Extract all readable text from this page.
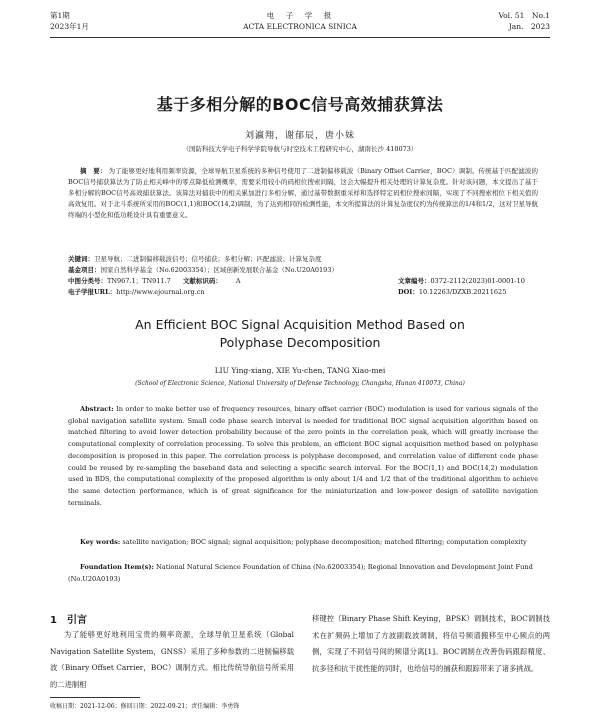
第1期
2023年1月
电　子　学　报
ACTA ELECTRONICA SINICA
Vol. 51　No.1
Jan.　2023
基于多相分解的BOC信号高效捕获算法
刘瀛翔，谢郁辰，唐小妹
（国防科技大学电子科学学院导航与时空技术工程研究中心，湖南长沙 410073）
摘　要： 为了能够更好地利用频率资源，全球导航卫星系统的多种信号使用了二进制偏移载波（Binary Offset Carrier，BOC）调制。传统基于匹配滤波的BOC信号捕获算法为了防止相关峰中的零点降低检测概率，需要采用较小的码相位搜索间隔，这会大幅提升相关处理的计算复杂度。针对该问题，本文提出了基于多相分解的BOC信号高效捕获算法。该算法对捕获中的相关累加进行多相分解，通过基带数据重采样和选择特定码相位搜索间隔，实现了不同搜索相位下相关值的高效复用。对于北斗系统所采用的BOC(1,1)和BOC(14,2)调制，为了达到相同的检测性能，本文所提算法的计算复杂度仅约为传统算法的1/4和1/2，这对卫星导航终端的小型化和低功耗设计具有重要意义。
关键词：卫星导航；二进制偏移载波信号；信号捕获；多相分解；匹配滤波；计算复杂度
基金项目：国家自然科学基金（No.62003354）；区域创新发展联合基金（No.U20A0193）
中图分类号：TN967.1；TN911.7 文献标识码： A	文章编号：0372-2112(2023)01-0001-10
电子学报URL：http://www.ejournal.org.cn	DOI：10.12263/DZXB.20211625
An Efficient BOC Signal Acquisition Method Based on
Polyphase Decomposition
LIU Ying-xiang, XIE Yu-chen, TANG Xiao-mei
(School of Electronic Science, National University of Defense Technology, Changsha, Hunan 410073, China)
Abstract: In order to make better use of frequency resources, binary offset carrier (BOC) modulation is used for various signals of the global navigation satellite system. Small code phase search interval is needed for traditional BOC signal acquisition algorithm based on matched filtering to avoid lower detection probability because of the zero points in the correlation peak, which will greatly increase the computational complexity of correlation processing. To solve this problem, an efficient BOC signal acquisition method based on polyphase decomposition is proposed in this paper. The correlation process is polyphase decomposed, and correlation value of different code phase could be reused by re-sampling the baseband data and selecting a specific search interval. For the BOC(1,1) and BOC(14,2) modulation used in BDS, the computational complexity of the proposed algorithm is only about 1/4 and 1/2 that of the traditional algorithm to achieve the same detection performance, which is of great significance for the miniaturization and low-power design of satellite navigation terminals.
Key words: satellite navigation; BOC signal; signal acquisition; polyphase decomposition; matched filtering; computation complexity
Foundation Item(s): National Natural Science Foundation of China (No.62003354); Regional Innovation and Development Joint Fund (No.U20A0193)
1 引言
为了能够更好地利用宝贵的频率资源，全球导航卫星系统（Global Navigation Satellite System，GNSS）采用了多种参数的二进制偏移载波（Binary Offset Carrier，BOC）调制方式。相比传统导航信号所采用的二进制相
移键控（Binary Phase Shift Keying，BPSK）调制技术，BOC调制技术在扩频码上增加了方波副载波调制，将信号频谱搬移至中心频点的两侧，实现了不同信号间的频谱分离[1]。BOC调制在改善伪码跟踪精度、抗多径和抗干扰性能的同时，也给信号的捕获和跟踪带来了诸多挑战。
收稿日期：2021-12-06；修回日期：2022-09-21；责任编辑：李勇锋
